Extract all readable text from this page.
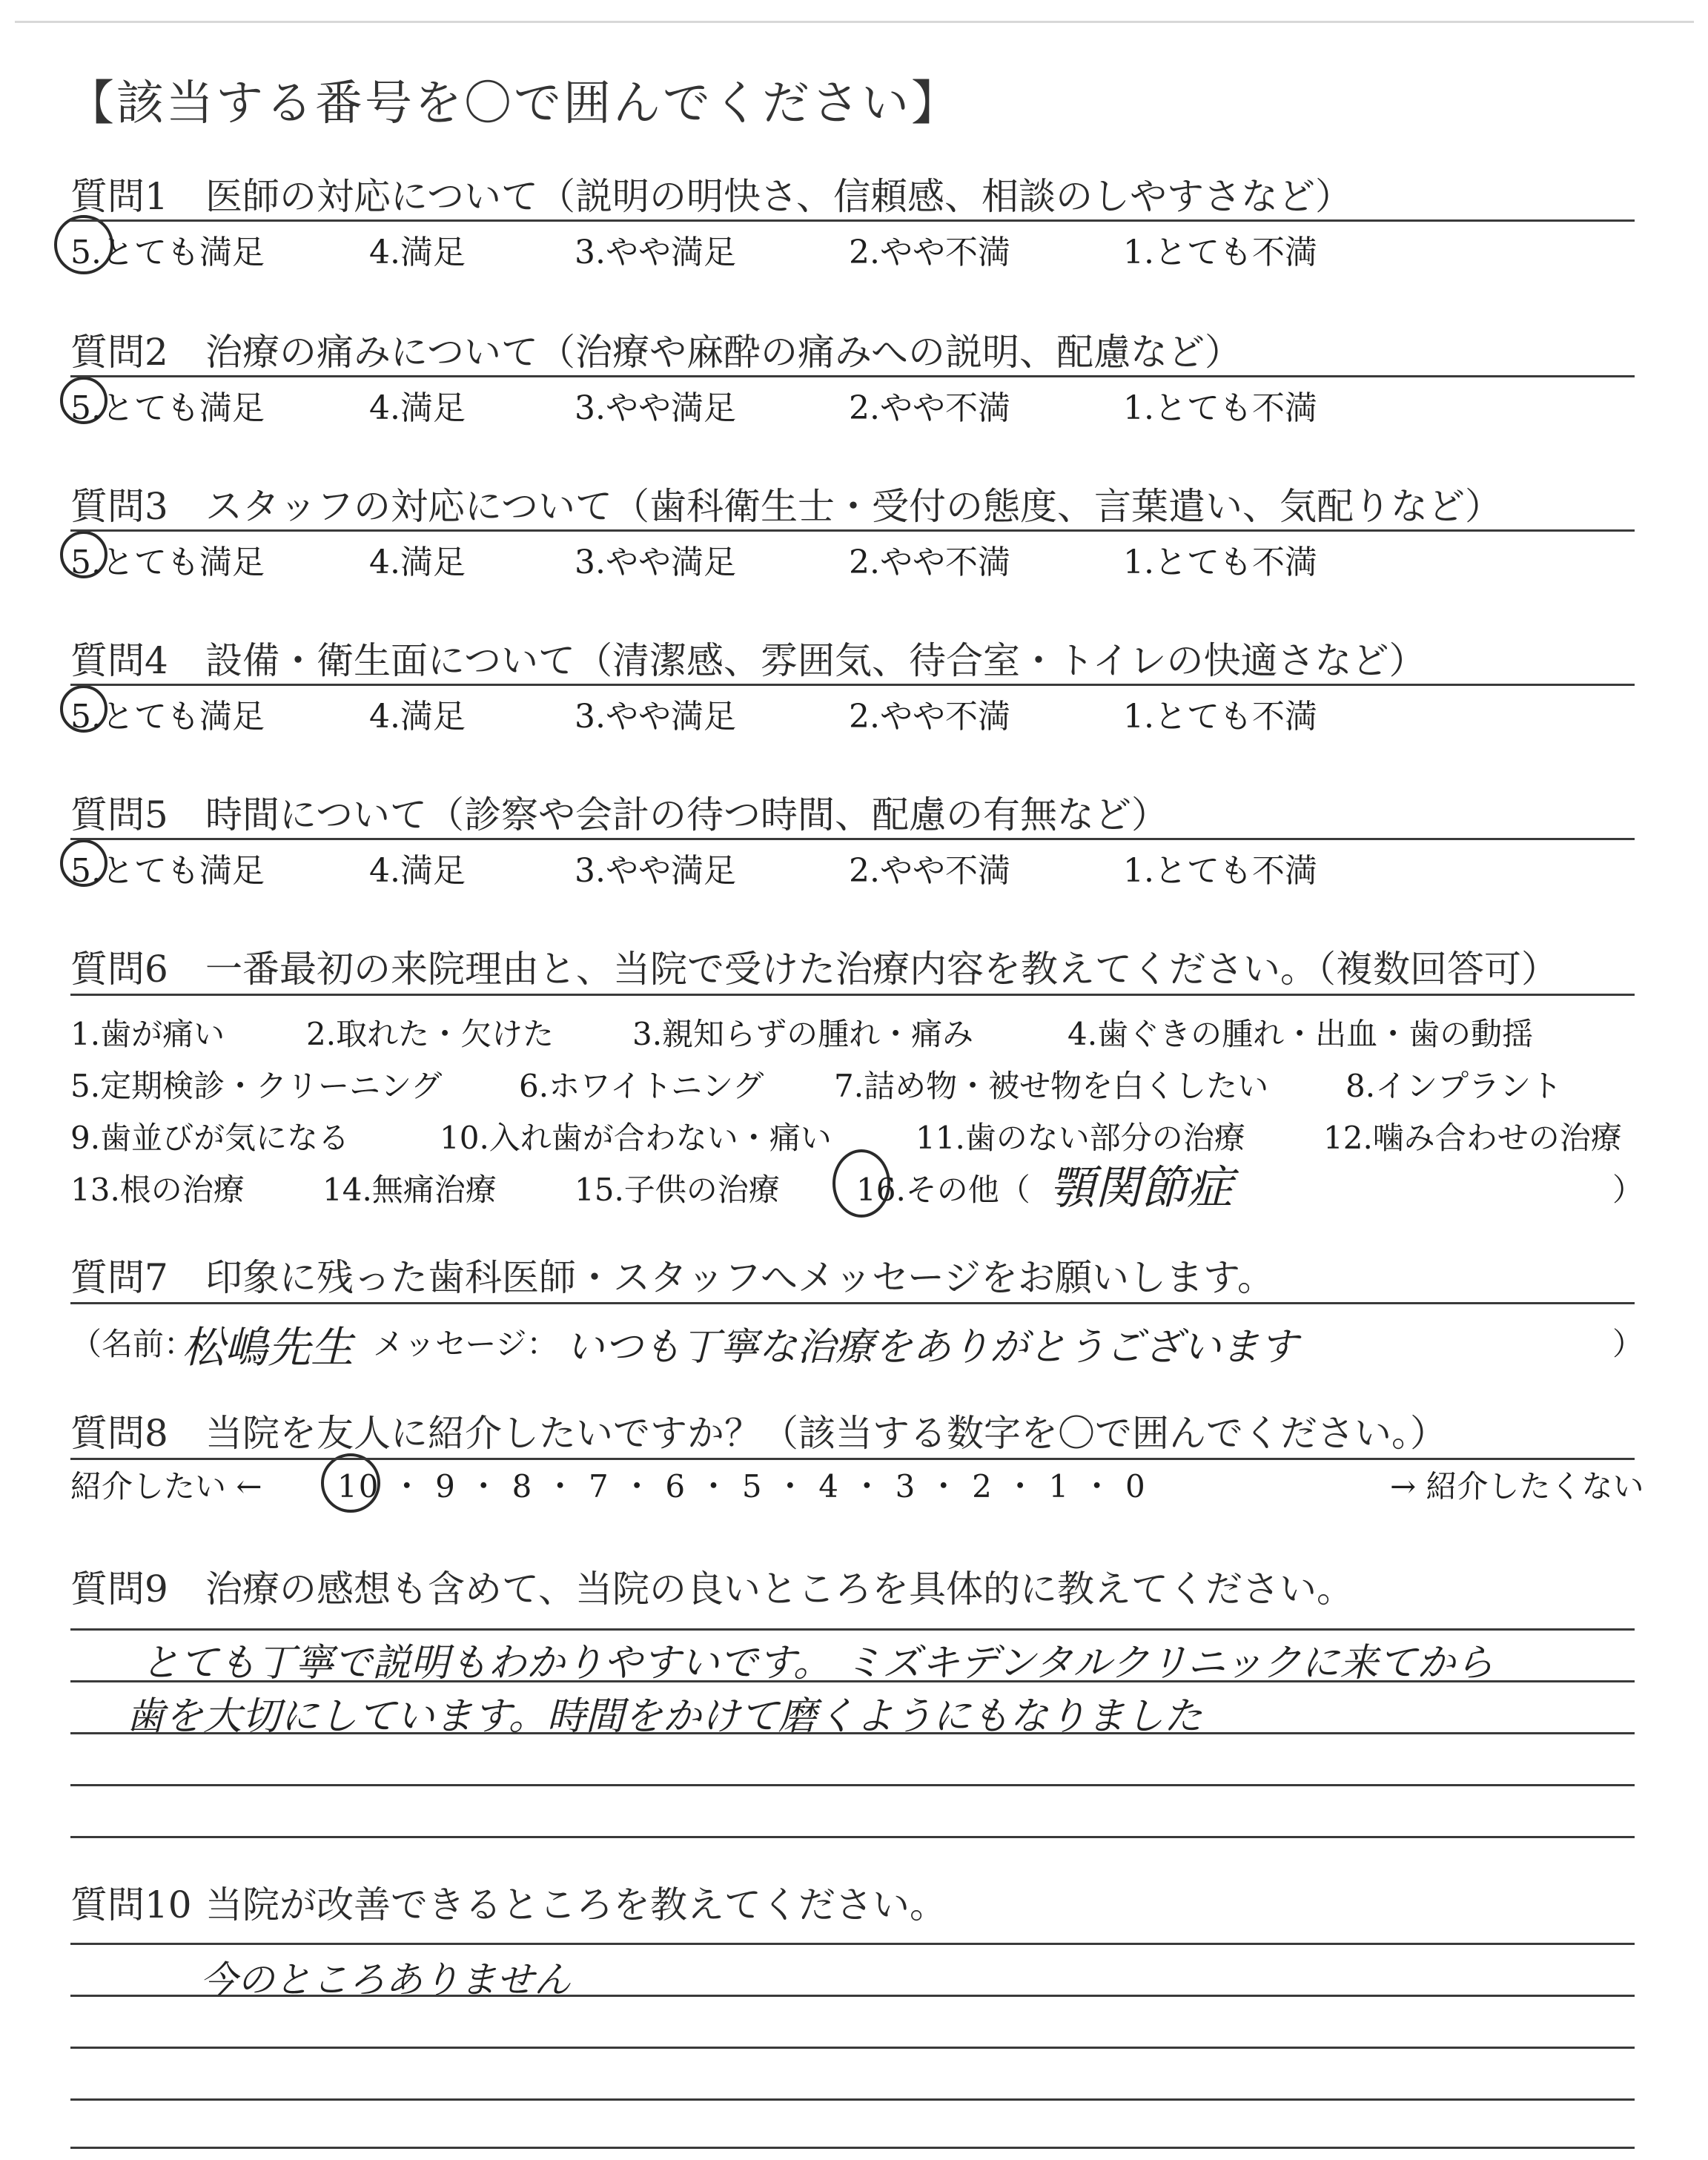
【該当する番号を〇で囲んでください】
質問1 医師の対応について（説明の明快さ、信頼感、相談のしやすさなど）
5.とても満足	4.満足	3.やや満足	2.やや不満	1.とても不満
質問2 治療の痛みについて（治療や麻酔の痛みへの説明、配慮など）
5.とても満足	4.満足	3.やや満足	2.やや不満	1.とても不満
質問3 スタッフの対応について（歯科衛生士・受付の態度、言葉遣い、気配りなど）
5.とても満足	4.満足	3.やや満足	2.やや不満	1.とても不満
質問4 設備・衛生面について（清潔感、雰囲気、待合室・トイレの快適さなど）
5.とても満足	4.満足	3.やや満足	2.やや不満	1.とても不満
質問5 時間について（診察や会計の待つ時間、配慮の有無など）
5.とても満足	4.満足	3.やや満足	2.やや不満	1.とても不満
質問6 一番最初の来院理由と、当院で受けた治療内容を教えてください。（複数回答可）
1.歯が痛い	2.取れた・欠けた	3.親知らずの腫れ・痛み	4.歯ぐきの腫れ・出血・歯の動揺
5.定期検診・クリーニング 6.ホワイトニング 7.詰め物・被せ物を白くしたい 8.インプラント
9.歯並びが気になる	10.入れ歯が合わない・痛い	11.歯のない部分の治療	12.噛み合わせの治療
13.根の治療	14.無痛治療	15.子供の治療 16.その他（ 顎関節症	）
質問7 印象に残った歯科医師・スタッフへメッセージをお願いします。
（名前：
松嶋先生 メッセージ： いつも丁寧な治療をありがとうございます	）
質問8 当院を友人に紹介したいですか？（該当する数字を〇で囲んでください。）
紹介したい ← 10 ・ 9 ・ 8 ・ 7 ・ 6 ・ 5 ・ 4 ・ 3 ・ 2 ・ 1 ・ 0	→ 紹介したくない
質問9 治療の感想も含めて、当院の良いところを具体的に教えてください。
とても丁寧で説明もわかりやすいです。 ミズキデンタルクリニックに来てから
歯を大切にしています。時間をかけて磨くようにもなりました
質問10 当院が改善できるところを教えてください。
今のところありません
